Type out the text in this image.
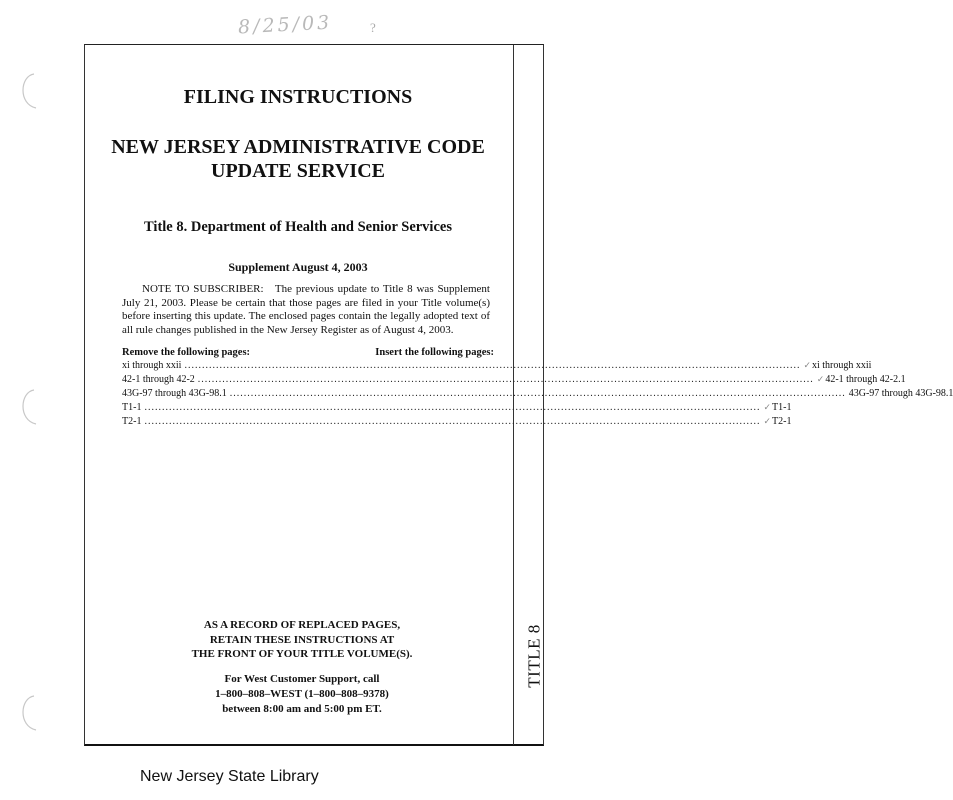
8/25/03	?
TITLE 8
FILING INSTRUCTIONS
NEW JERSEY ADMINISTRATIVE CODE
UPDATE SERVICE

Title 8. Department of Health and Senior Services

Supplement August 4, 2003

NOTE TO SUBSCRIBER: The previous update to Title 8 was Supplement July 21, 2003. Please be certain that those pages are filed in your Title volume(s) before inserting this update. The enclosed pages contain the legally adopted text of all rule changes published in the New Jersey Register as of August 4, 2003.

Remove the following pages:	Insert the following pages:
xi through xxii ................................................................................................................................................................................ ✓ xi through xxii
42-1 through 42-2 ................................................................................................................................................................................ ✓ 42-1 through 42-2.1
43G-97 through 43G-98.1 ................................................................................................................................................................................ 43G-97 through 43G-98.1
T1-1 ................................................................................................................................................................................ ✓ T1-1
T2-1 ................................................................................................................................................................................ ✓ T2-1
AS A RECORD OF REPLACED PAGES,
RETAIN THESE INSTRUCTIONS AT
THE FRONT OF YOUR TITLE VOLUME(S).
For West Customer Support, call
1–800–808–WEST (1–800–808–9378)
between 8:00 am and 5:00 pm ET.
New Jersey State Library
